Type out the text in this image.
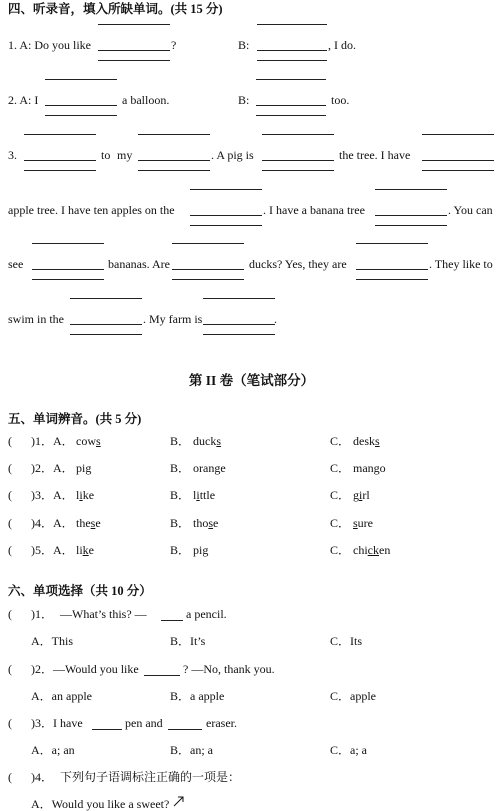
四、听录音，填入所缺单词。(共 15 分)
1. A: Do you like	?	B:	, I do.
2. A: I	a balloon.	B:	too.
3.	to my	. A pig is	the tree. I have
apple tree. I have ten apples on the	. I have a banana tree	. You can
see	bananas. Are	ducks? Yes, they are	. They like to
swim in the	. My farm is	.
第 II 卷（笔试部分）
五、单词辨音。(共 5 分)
( )1． A． cows	B． ducks	C． desks
( )2． A． pig	B． orange	C． mango
( )3． A． like	B． little	C． girl
( )4． A． these	B． those	C． sure
( )5． A． like	B． pig	C． chicken
六、单项选择（共 10 分）
( )1． —What’s this? —	a pencil.
A．This	B．It’s	C．Its
( )2． —Would you like	? —No, thank you.
A．an apple	B．a apple	C．apple
( )3． I have	pen and	eraser.
A．a; an	B．an; a	C．a; a
( )4． 下列句子语调标注正确的一项是：
A．Would you like a sweet?
